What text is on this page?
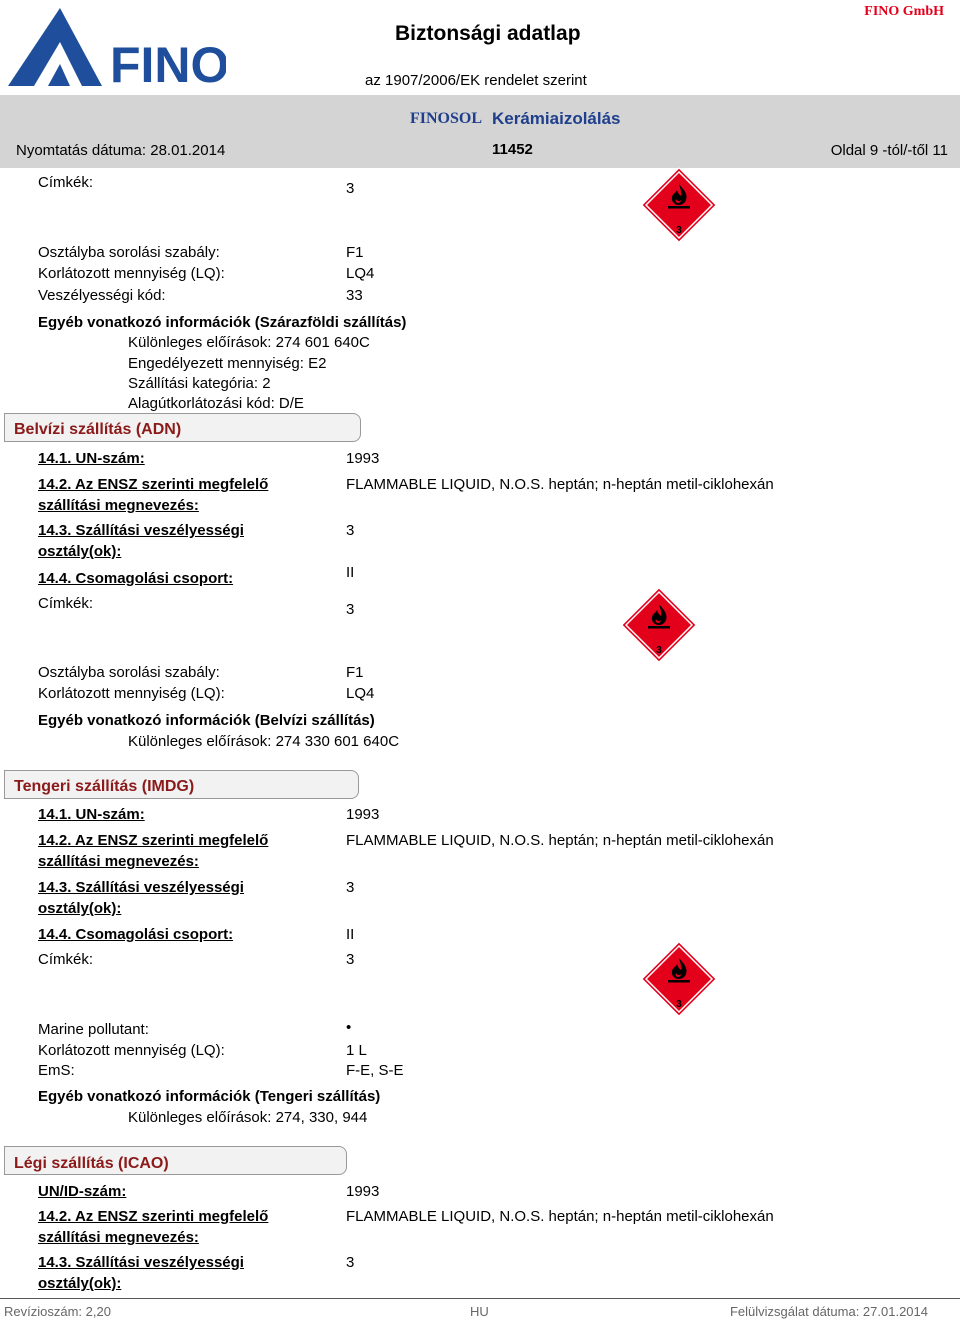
FINO
Biztonsági adatlap
az 1907/2006/EK rendelet szerint
FINO GmbH
FINOSOL Kerámiaizolálás
Nyomtatás dátuma: 28.01.2014	11452	Oldal 9 -tól/-től 11
Címkék:	3
3
Osztályba sorolási szabály:	F1
Korlátozott mennyiség (LQ):	LQ4
Veszélyességi kód:	33
Egyéb vonatkozó információk (Szárazföldi szállítás)
Különleges előírások: 274 601 640C
Engedélyezett mennyiség: E2
Szállítási kategória: 2
Alagútkorlátozási kód: D/E
Belvízi szállítás (ADN)
14.1. UN-szám:	1993
14.2. Az ENSZ szerinti megfelelő
szállítási megnevezés:
FLAMMABLE LIQUID, N.O.S. heptán; n-heptán metil-ciklohexán
14.3. Szállítási veszélyességi
osztály(ok):
3
14.4. Csomagolási csoport:	II
Címkék:	3
3
Osztályba sorolási szabály:	F1
Korlátozott mennyiség (LQ):	LQ4
Egyéb vonatkozó információk (Belvízi szállítás)
Különleges előírások: 274 330 601 640C
Tengeri szállítás (IMDG)
14.1. UN-szám:	1993
14.2. Az ENSZ szerinti megfelelő
szállítási megnevezés:
FLAMMABLE LIQUID, N.O.S. heptán; n-heptán metil-ciklohexán
14.3. Szállítási veszélyességi
osztály(ok):
3
14.4. Csomagolási csoport:	II
Címkék:	3
3
Marine pollutant:	•
Korlátozott mennyiség (LQ):	1 L
EmS:	F-E, S-E
Egyéb vonatkozó információk (Tengeri szállítás)
Különleges előírások: 274, 330, 944
Légi szállítás (ICAO)
UN/ID-szám:	1993
14.2. Az ENSZ szerinti megfelelő
szállítási megnevezés:
FLAMMABLE LIQUID, N.O.S. heptán; n-heptán metil-ciklohexán
14.3. Szállítási veszélyességi
osztály(ok):
3
Revízioszám: 2,20	HU	Felülvizsgálat dátuma: 27.01.2014
